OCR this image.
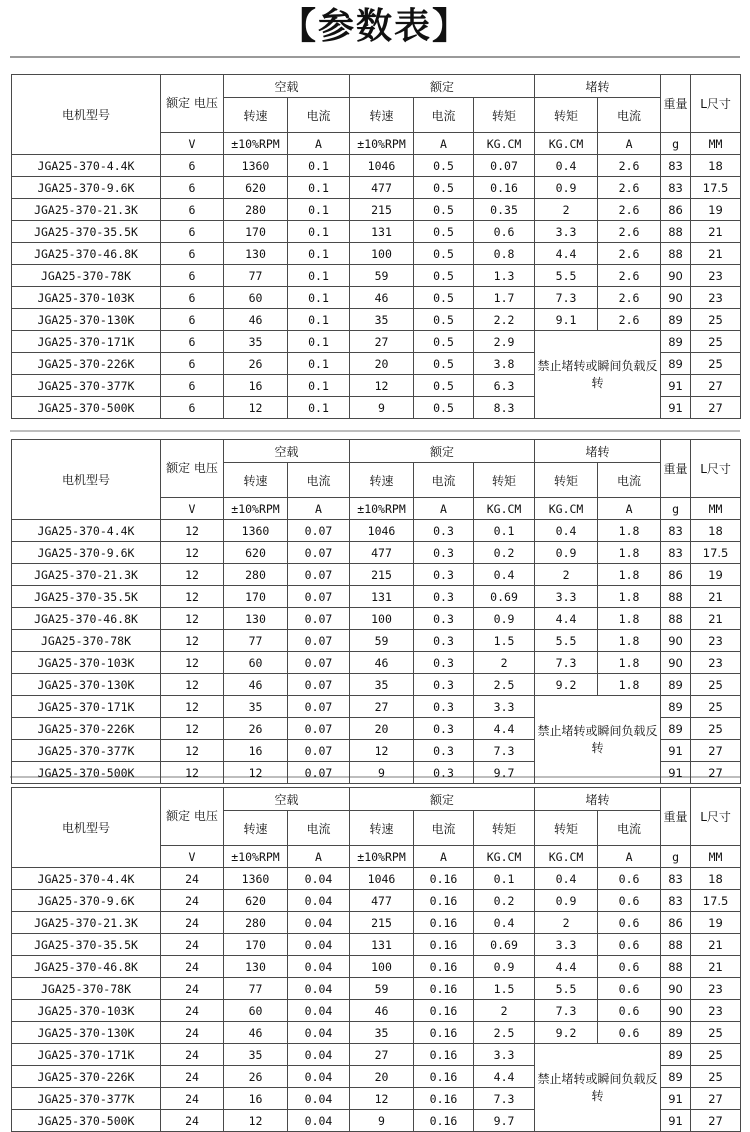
【参数表】
电机型号	额定 电压	空载		额定			堵转		重量	L尺寸
		转速	电流	转速	电流	转矩	转矩	电流		
	V	±10%RPM	A	±10%RPM	A	KG.CM	KG.CM	A	g	MM
JGA25-370-4.4K	6	1360	0.1	1046	0.5	0.07	0.4	2.6	83	18
JGA25-370-9.6K	6	620	0.1	477	0.5	0.16	0.9	2.6	83	17.5
JGA25-370-21.3K	6	280	0.1	215	0.5	0.35	2	2.6	86	19
JGA25-370-35.5K	6	170	0.1	131	0.5	0.6	3.3	2.6	88	21
JGA25-370-46.8K	6	130	0.1	100	0.5	0.8	4.4	2.6	88	21
JGA25-370-78K	6	77	0.1	59	0.5	1.3	5.5	2.6	90	23
JGA25-370-103K	6	60	0.1	46	0.5	1.7	7.3	2.6	90	23
JGA25-370-130K	6	46	0.1	35	0.5	2.2	9.1	2.6	89	25
JGA25-370-171K	6	35	0.1	27	0.5	2.9	禁止堵转或瞬间负载反转		89	25
JGA25-370-226K	6	26	0.1	20	0.5	3.8			89	25
JGA25-370-377K	6	16	0.1	12	0.5	6.3			91	27
JGA25-370-500K	6	12	0.1	9	0.5	8.3			91	27
电机型号	额定 电压	空载		额定			堵转		重量	L尺寸
		转速	电流	转速	电流	转矩	转矩	电流		
	V	±10%RPM	A	±10%RPM	A	KG.CM	KG.CM	A	g	MM
JGA25-370-4.4K	12	1360	0.07	1046	0.3	0.1	0.4	1.8	83	18
JGA25-370-9.6K	12	620	0.07	477	0.3	0.2	0.9	1.8	83	17.5
JGA25-370-21.3K	12	280	0.07	215	0.3	0.4	2	1.8	86	19
JGA25-370-35.5K	12	170	0.07	131	0.3	0.69	3.3	1.8	88	21
JGA25-370-46.8K	12	130	0.07	100	0.3	0.9	4.4	1.8	88	21
JGA25-370-78K	12	77	0.07	59	0.3	1.5	5.5	1.8	90	23
JGA25-370-103K	12	60	0.07	46	0.3	2	7.3	1.8	90	23
JGA25-370-130K	12	46	0.07	35	0.3	2.5	9.2	1.8	89	25
JGA25-370-171K	12	35	0.07	27	0.3	3.3	禁止堵转或瞬间负载反转		89	25
JGA25-370-226K	12	26	0.07	20	0.3	4.4			89	25
JGA25-370-377K	12	16	0.07	12	0.3	7.3			91	27
JGA25-370-500K	12	12	0.07	9	0.3	9.7			91	27
电机型号	额定 电压	空载		额定			堵转		重量	L尺寸
		转速	电流	转速	电流	转矩	转矩	电流		
	V	±10%RPM	A	±10%RPM	A	KG.CM	KG.CM	A	g	MM
JGA25-370-4.4K	24	1360	0.04	1046	0.16	0.1	0.4	0.6	83	18
JGA25-370-9.6K	24	620	0.04	477	0.16	0.2	0.9	0.6	83	17.5
JGA25-370-21.3K	24	280	0.04	215	0.16	0.4	2	0.6	86	19
JGA25-370-35.5K	24	170	0.04	131	0.16	0.69	3.3	0.6	88	21
JGA25-370-46.8K	24	130	0.04	100	0.16	0.9	4.4	0.6	88	21
JGA25-370-78K	24	77	0.04	59	0.16	1.5	5.5	0.6	90	23
JGA25-370-103K	24	60	0.04	46	0.16	2	7.3	0.6	90	23
JGA25-370-130K	24	46	0.04	35	0.16	2.5	9.2	0.6	89	25
JGA25-370-171K	24	35	0.04	27	0.16	3.3	禁止堵转或瞬间负载反转		89	25
JGA25-370-226K	24	26	0.04	20	0.16	4.4			89	25
JGA25-370-377K	24	16	0.04	12	0.16	7.3			91	27
JGA25-370-500K	24	12	0.04	9	0.16	9.7			91	27
